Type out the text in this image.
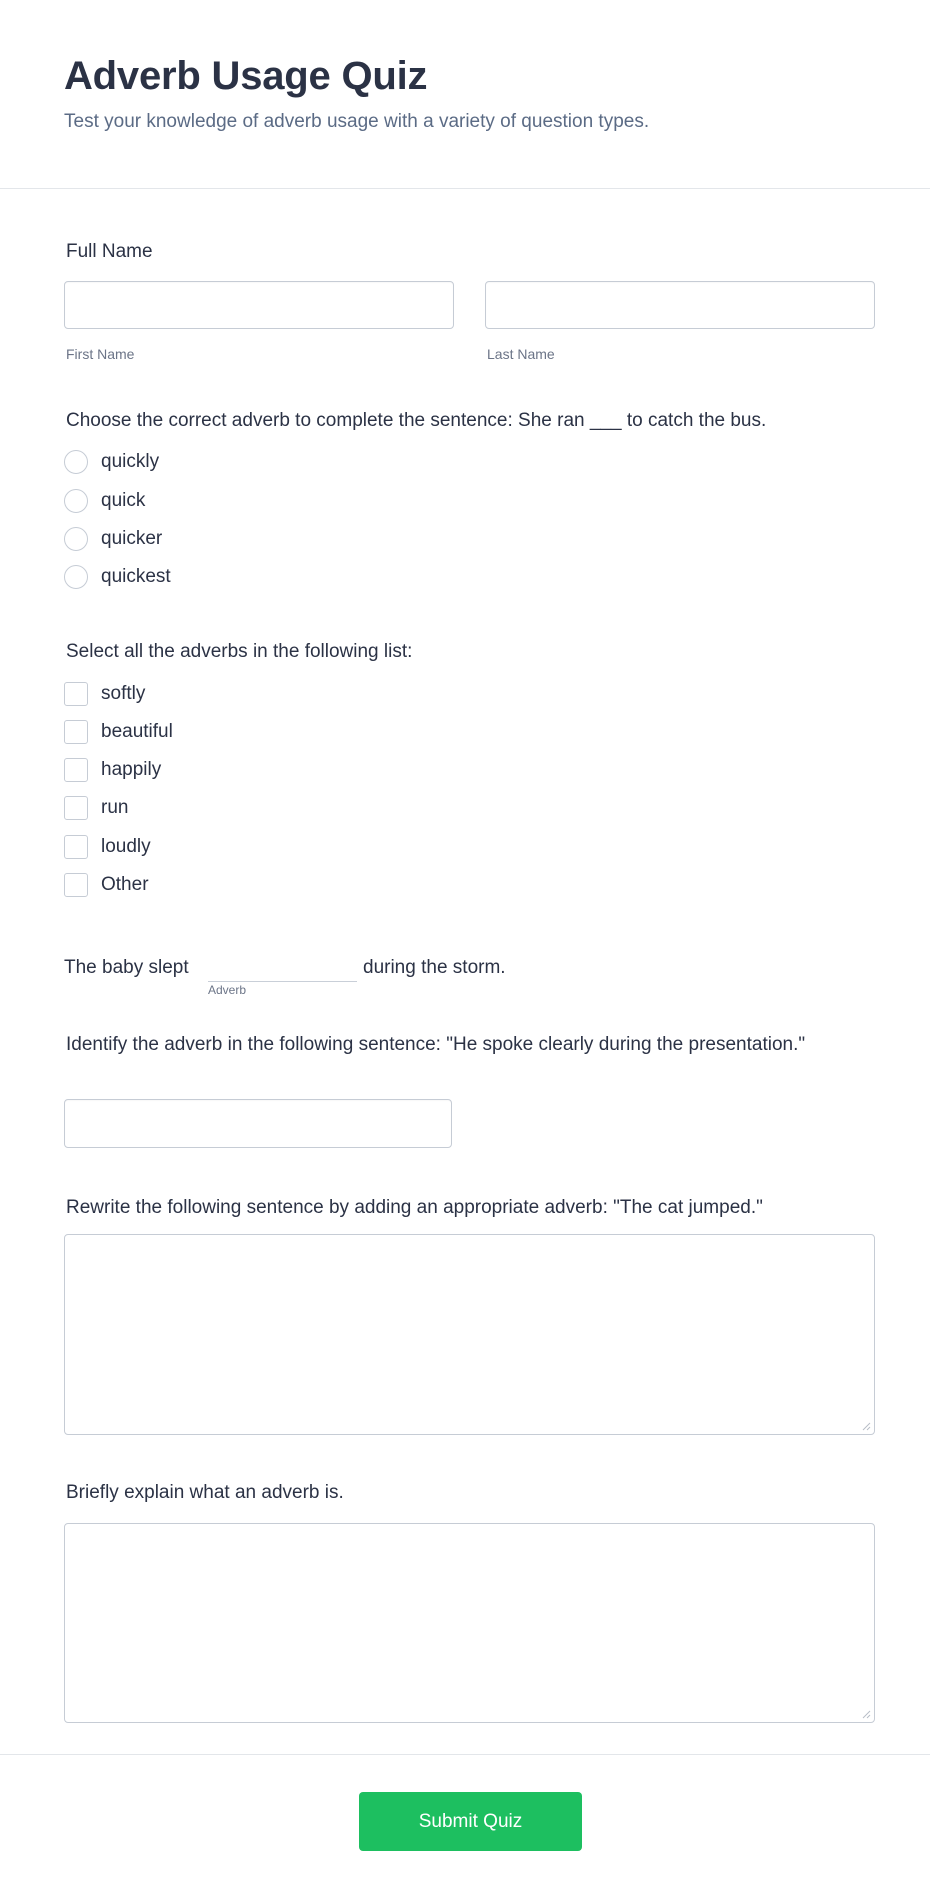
Adverb Usage Quiz

Test your knowledge of adverb usage with a variety of question types.

Full Name
First Name	Last Name
Choose the correct adverb to complete the sentence: She ran ___ to catch the bus.
quickly
quick
quicker
quickest
Select all the adverbs in the following list:
softly
beautiful
happily
run
loudly
Other
The baby slept	during the storm.
Adverb
Identify the adverb in the following sentence: "He spoke clearly during the presentation."
Rewrite the following sentence by adding an appropriate adverb: "The cat jumped."
Briefly explain what an adverb is.
Submit Quiz
